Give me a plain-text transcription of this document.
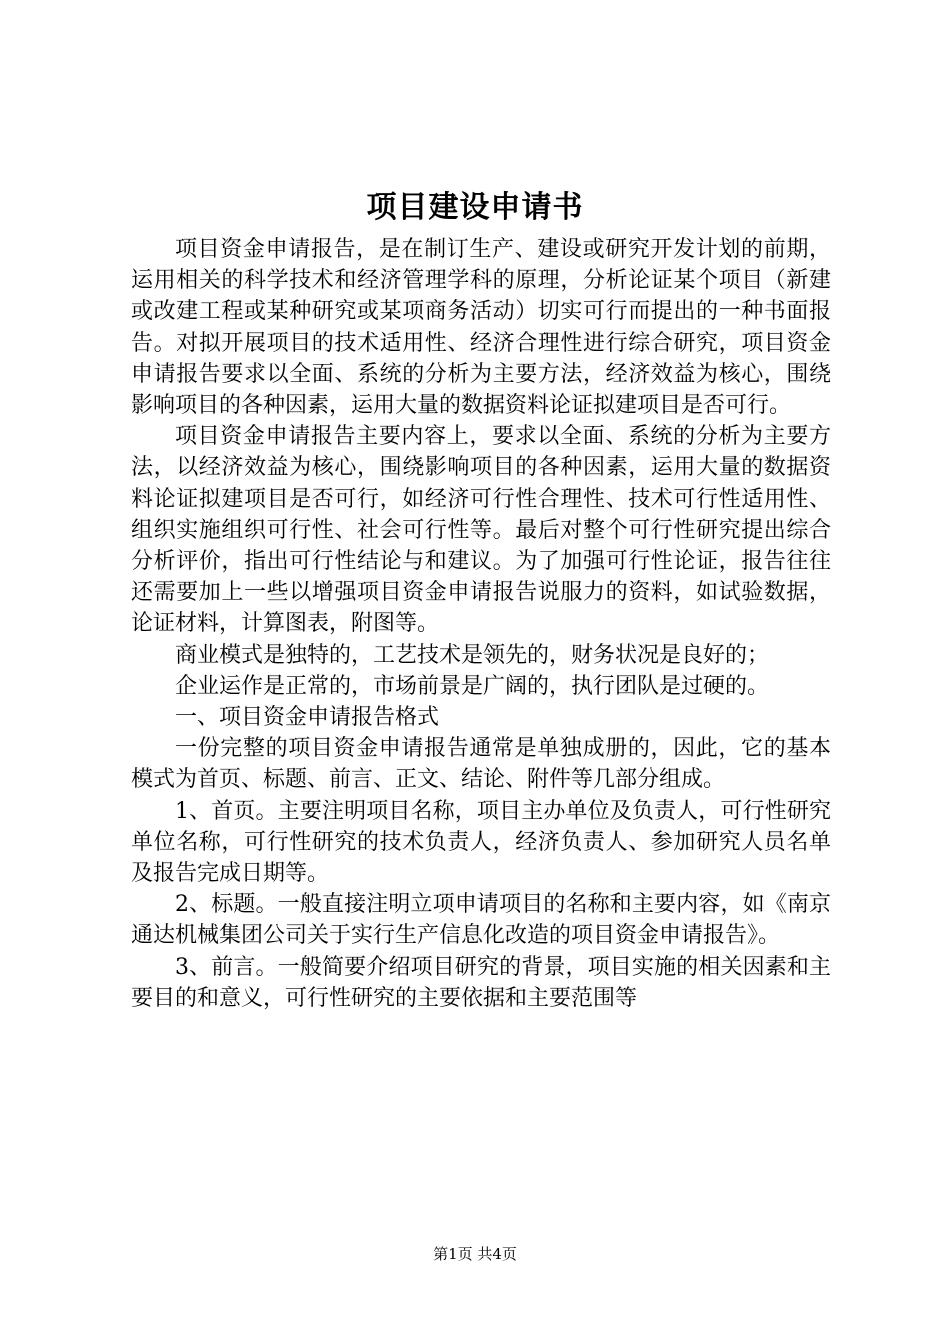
项目建设申请书

项目资金申请报告，是在制订生产、建设或研究开发计划的前期，运用相关的科学技术和经济管理学科的原理，分析论证某个项目（新建或改建工程或某种研究或某项商务活动）切实可行而提出的一种书面报告。对拟开展项目的技术适用性、经济合理性进行综合研究，项目资金申请报告要求以全面、系统的分析为主要方法，经济效益为核心，围绕影响项目的各种因素，运用大量的数据资料论证拟建项目是否可行。

项目资金申请报告主要内容上，要求以全面、系统的分析为主要方法，以经济效益为核心，围绕影响项目的各种因素，运用大量的数据资料论证拟建项目是否可行，如经济可行性合理性、技术可行性适用性、组织实施组织可行性、社会可行性等。最后对整个可行性研究提出综合分析评价，指出可行性结论与和建议。为了加强可行性论证，报告往往还需要加上一些以增强项目资金申请报告说服力的资料，如试验数据，论证材料，计算图表，附图等。

商业模式是独特的，工艺技术是领先的，财务状况是良好的；

企业运作是正常的，市场前景是广阔的，执行团队是过硬的。

一、项目资金申请报告格式

一份完整的项目资金申请报告通常是单独成册的，因此，它的基本模式为首页、标题、前言、正文、结论、附件等几部分组成。

1、首页。主要注明项目名称，项目主办单位及负责人，可行性研究单位名称，可行性研究的技术负责人，经济负责人、参加研究人员名单及报告完成日期等。

2、标题。一般直接注明立项申请项目的名称和主要内容，如《南京通达机械集团公司关于实行生产信息化改造的项目资金申请报告》。

3、前言。一般简要介绍项目研究的背景，项目实施的相关因素和主要目的和意义，可行性研究的主要依据和主要范围等

第1页 共4页
